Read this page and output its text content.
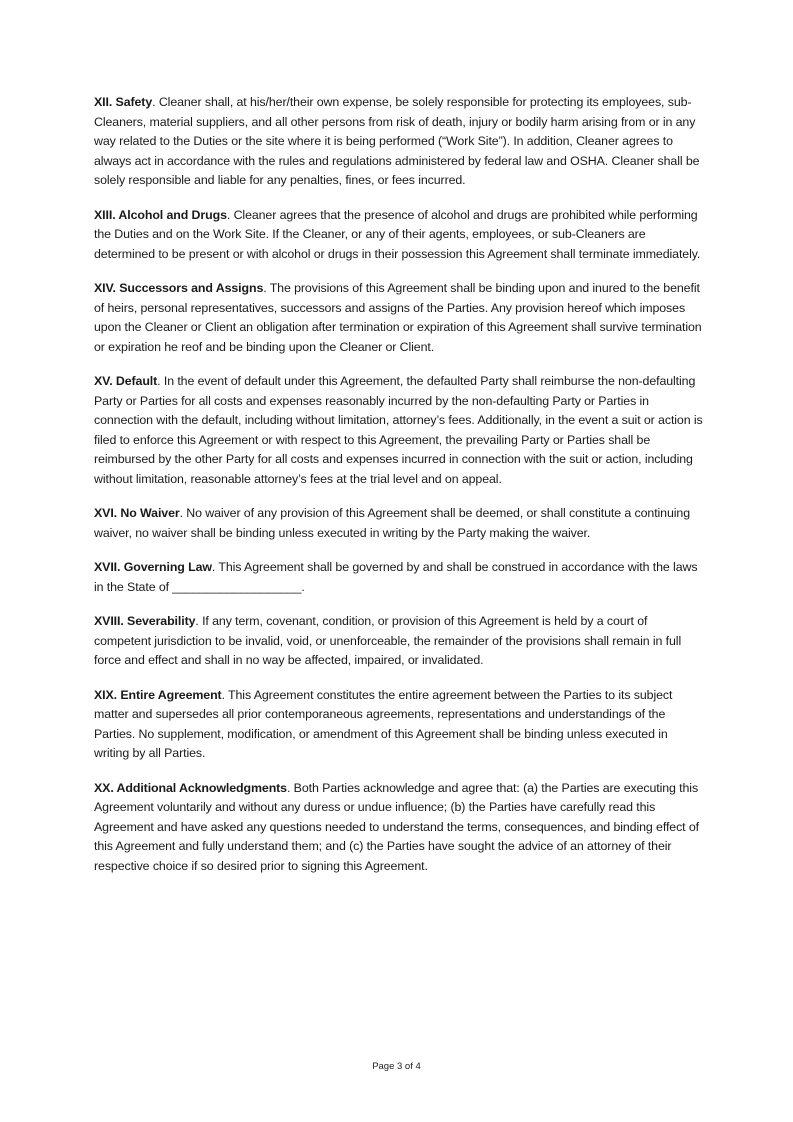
XII. Safety. Cleaner shall, at his/her/their own expense, be solely responsible for protecting its employees, sub-Cleaners, material suppliers, and all other persons from risk of death, injury or bodily harm arising from or in any way related to the Duties or the site where it is being performed (“Work Site”). In addition, Cleaner agrees to always act in accordance with the rules and regulations administered by federal law and OSHA. Cleaner shall be solely responsible and liable for any penalties, fines, or fees incurred.

XIII. Alcohol and Drugs. Cleaner agrees that the presence of alcohol and drugs are prohibited while performing the Duties and on the Work Site. If the Cleaner, or any of their agents, employees, or sub-Cleaners are determined to be present or with alcohol or drugs in their possession this Agreement shall terminate immediately.

XIV. Successors and Assigns. The provisions of this Agreement shall be binding upon and inured to the benefit of heirs, personal representatives, successors and assigns of the Parties. Any provision hereof which imposes upon the Cleaner or Client an obligation after termination or expiration of this Agreement shall survive termination or expiration he reof and be binding upon the Cleaner or Client.

XV. Default. In the event of default under this Agreement, the defaulted Party shall reimburse the non-defaulting Party or Parties for all costs and expenses reasonably incurred by the non-defaulting Party or Parties in connection with the default, including without limitation, attorney’s fees. Additionally, in the event a suit or action is filed to enforce this Agreement or with respect to this Agreement, the prevailing Party or Parties shall be reimbursed by the other Party for all costs and expenses incurred in connection with the suit or action, including without limitation, reasonable attorney’s fees at the trial level and on appeal.

XVI. No Waiver. No waiver of any provision of this Agreement shall be deemed, or shall constitute a continuing waiver, no waiver shall be binding unless executed in writing by the Party making the waiver.

XVII. Governing Law. This Agreement shall be governed by and shall be construed in accordance with the laws in the State of ___________________.

XVIII. Severability. If any term, covenant, condition, or provision of this Agreement is held by a court of competent jurisdiction to be invalid, void, or unenforceable, the remainder of the provisions shall remain in full force and effect and shall in no way be affected, impaired, or invalidated.

XIX. Entire Agreement. This Agreement constitutes the entire agreement between the Parties to its subject matter and supersedes all prior contemporaneous agreements, representations and understandings of the Parties. No supplement, modification, or amendment of this Agreement shall be binding unless executed in writing by all Parties.

XX. Additional Acknowledgments. Both Parties acknowledge and agree that: (a) the Parties are executing this Agreement voluntarily and without any duress or undue influence; (b) the Parties have carefully read this Agreement and have asked any questions needed to understand the terms, consequences, and binding effect of this Agreement and fully understand them; and (c) the Parties have sought the advice of an attorney of their respective choice if so desired prior to signing this Agreement.

Page 3 of 4
